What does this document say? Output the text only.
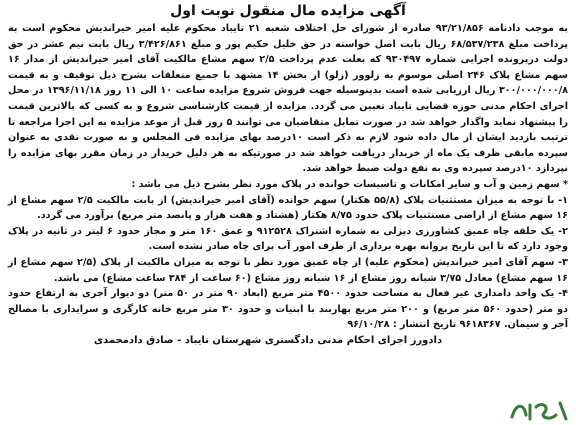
آگهی مزایده مال منقول نوبت اول

به موجب دادنامه ۹۳/۲۱/۸۵۶ صادره از شورای حل اختلاف شعبه ۲۱ تایباد محکوم علیه امیر خیراندیش محکوم است به پرداخت مبلغ ۶۸/۵۳۷/۲۳۸ ریال بابت اصل خواسته در حق خلیل حکیم پور و مبلغ ۳/۴۲۶/۸۶۱ ریال بابت نیم عشر در حق دولت درپرونده اجرایی شماره ۹۳۰۴۹۷ که بعلت عدم پرداخت ۲/۵ سهم مشاع مالکیت آقای امیر خیراندیش از مدار ۱۶ سهم مشاع پلاک ۲۴۶ اصلی موسوم به زلوور (زلو) از بخش ۱۴ مشهد با جمیع متعلقات بشرح ذیل توقیف و به قیمت ۳۰۰/۰۰۰/۰۰۰/۸ ریال ارزیابی شده است بدینوسیله جهت فروش شروع مزایده ساعت ۱۰ الی ۱۱ روز ۱۳۹۶/۱۱/۱۸ در محل اجرای احکام مدنی حوزه قضایی تایباد تعیین می گردد. مزایده از قیمت کارشناسی شروع و به کسی که بالاترین قیمت را پیشنهاد نماید واگذار خواهد شد در صورت تمایل متقاضیان می توانند ۵ روز قبل از موعد مزایده به این اجرا مراجعه تا ترتیب بازدید ایشان از مال داده شود لازم به ذکر است ۱۰درصد بهای مزایده فی المجلس و به صورت نقدی به عنوان سپرده مابقی ظرف یک ماه از خریدار دریافت خواهد شد در صورتیکه به هر دلیل خریدار در زمان مقرر بهای مزایده را نپردازد ۱۰درصد سپرده وی به نفع دولت ضبط خواهد شد.

* سهم زمین و آب و سایر امکانات و تاسیسات خوانده در پلاک مورد نظر بشرح ذیل می باشد :

۱- با توجه به میزان مستثنیات پلاک (۵۵/۸ هکتار) سهم خوانده (آقای امیر خیراندیش) از بابت مالکیت ۲/۵ سهم مشاع از ۱۶ سهم مشاع از اراضی مستثنیات پلاک حدود ۸/۷۵ هکتار (هشتاد و هفت هزار و پانصد متر مربع) برآورد می گردد.

۲- یک حلقه چاه عمیق کشاورزی دیزلی به شماره اشتراک ۹۱۲۵۲۸ و عمق ۱۶۰ متر و مجاز حدود ۶ لیتر در ثانیه در پلاک وجود دارد که تا این تاریخ پروانه بهره برداری از طرف امور آب برای چاه صادر نشده است.

۳- سهم آقای امیر خیراندیش (محکوم علیه) از چاه عمیق مورد نظر با توجه به میزان مالکیت از پلاک (۲/۵ سهم مشاع از ۱۶ سهم مشاع) معادل ۳/۷۵ شبانه روز مشاع از ۱۶ شبانه روز مشاع (۶۰ ساعت از ۳۸۴ ساعت مشاع) می باشد.

۴- یک واحد دامداری غیر فعال به مساحت حدود ۴۵۰۰ متر مربع (ابعاد ۹۰ متر در ۵۰ متر) دو دیوار آجری به ارتفاع حدود دو متر (حدود ۵۶۰ متر مربع) و ۲۰۰ متر مربع بهاربند با ابنیات و حدود ۳۰ متر مربع خانه کارگری و سرایداری با مصالح آجر و سیمان. ۹۶۱۸۳۶۷ تاریخ انتشار : ۹۶/۱۰/۲۸

دادورز اجرای احکام مدنی دادگستری شهرستان تایباد - صادق دادمحمدی
